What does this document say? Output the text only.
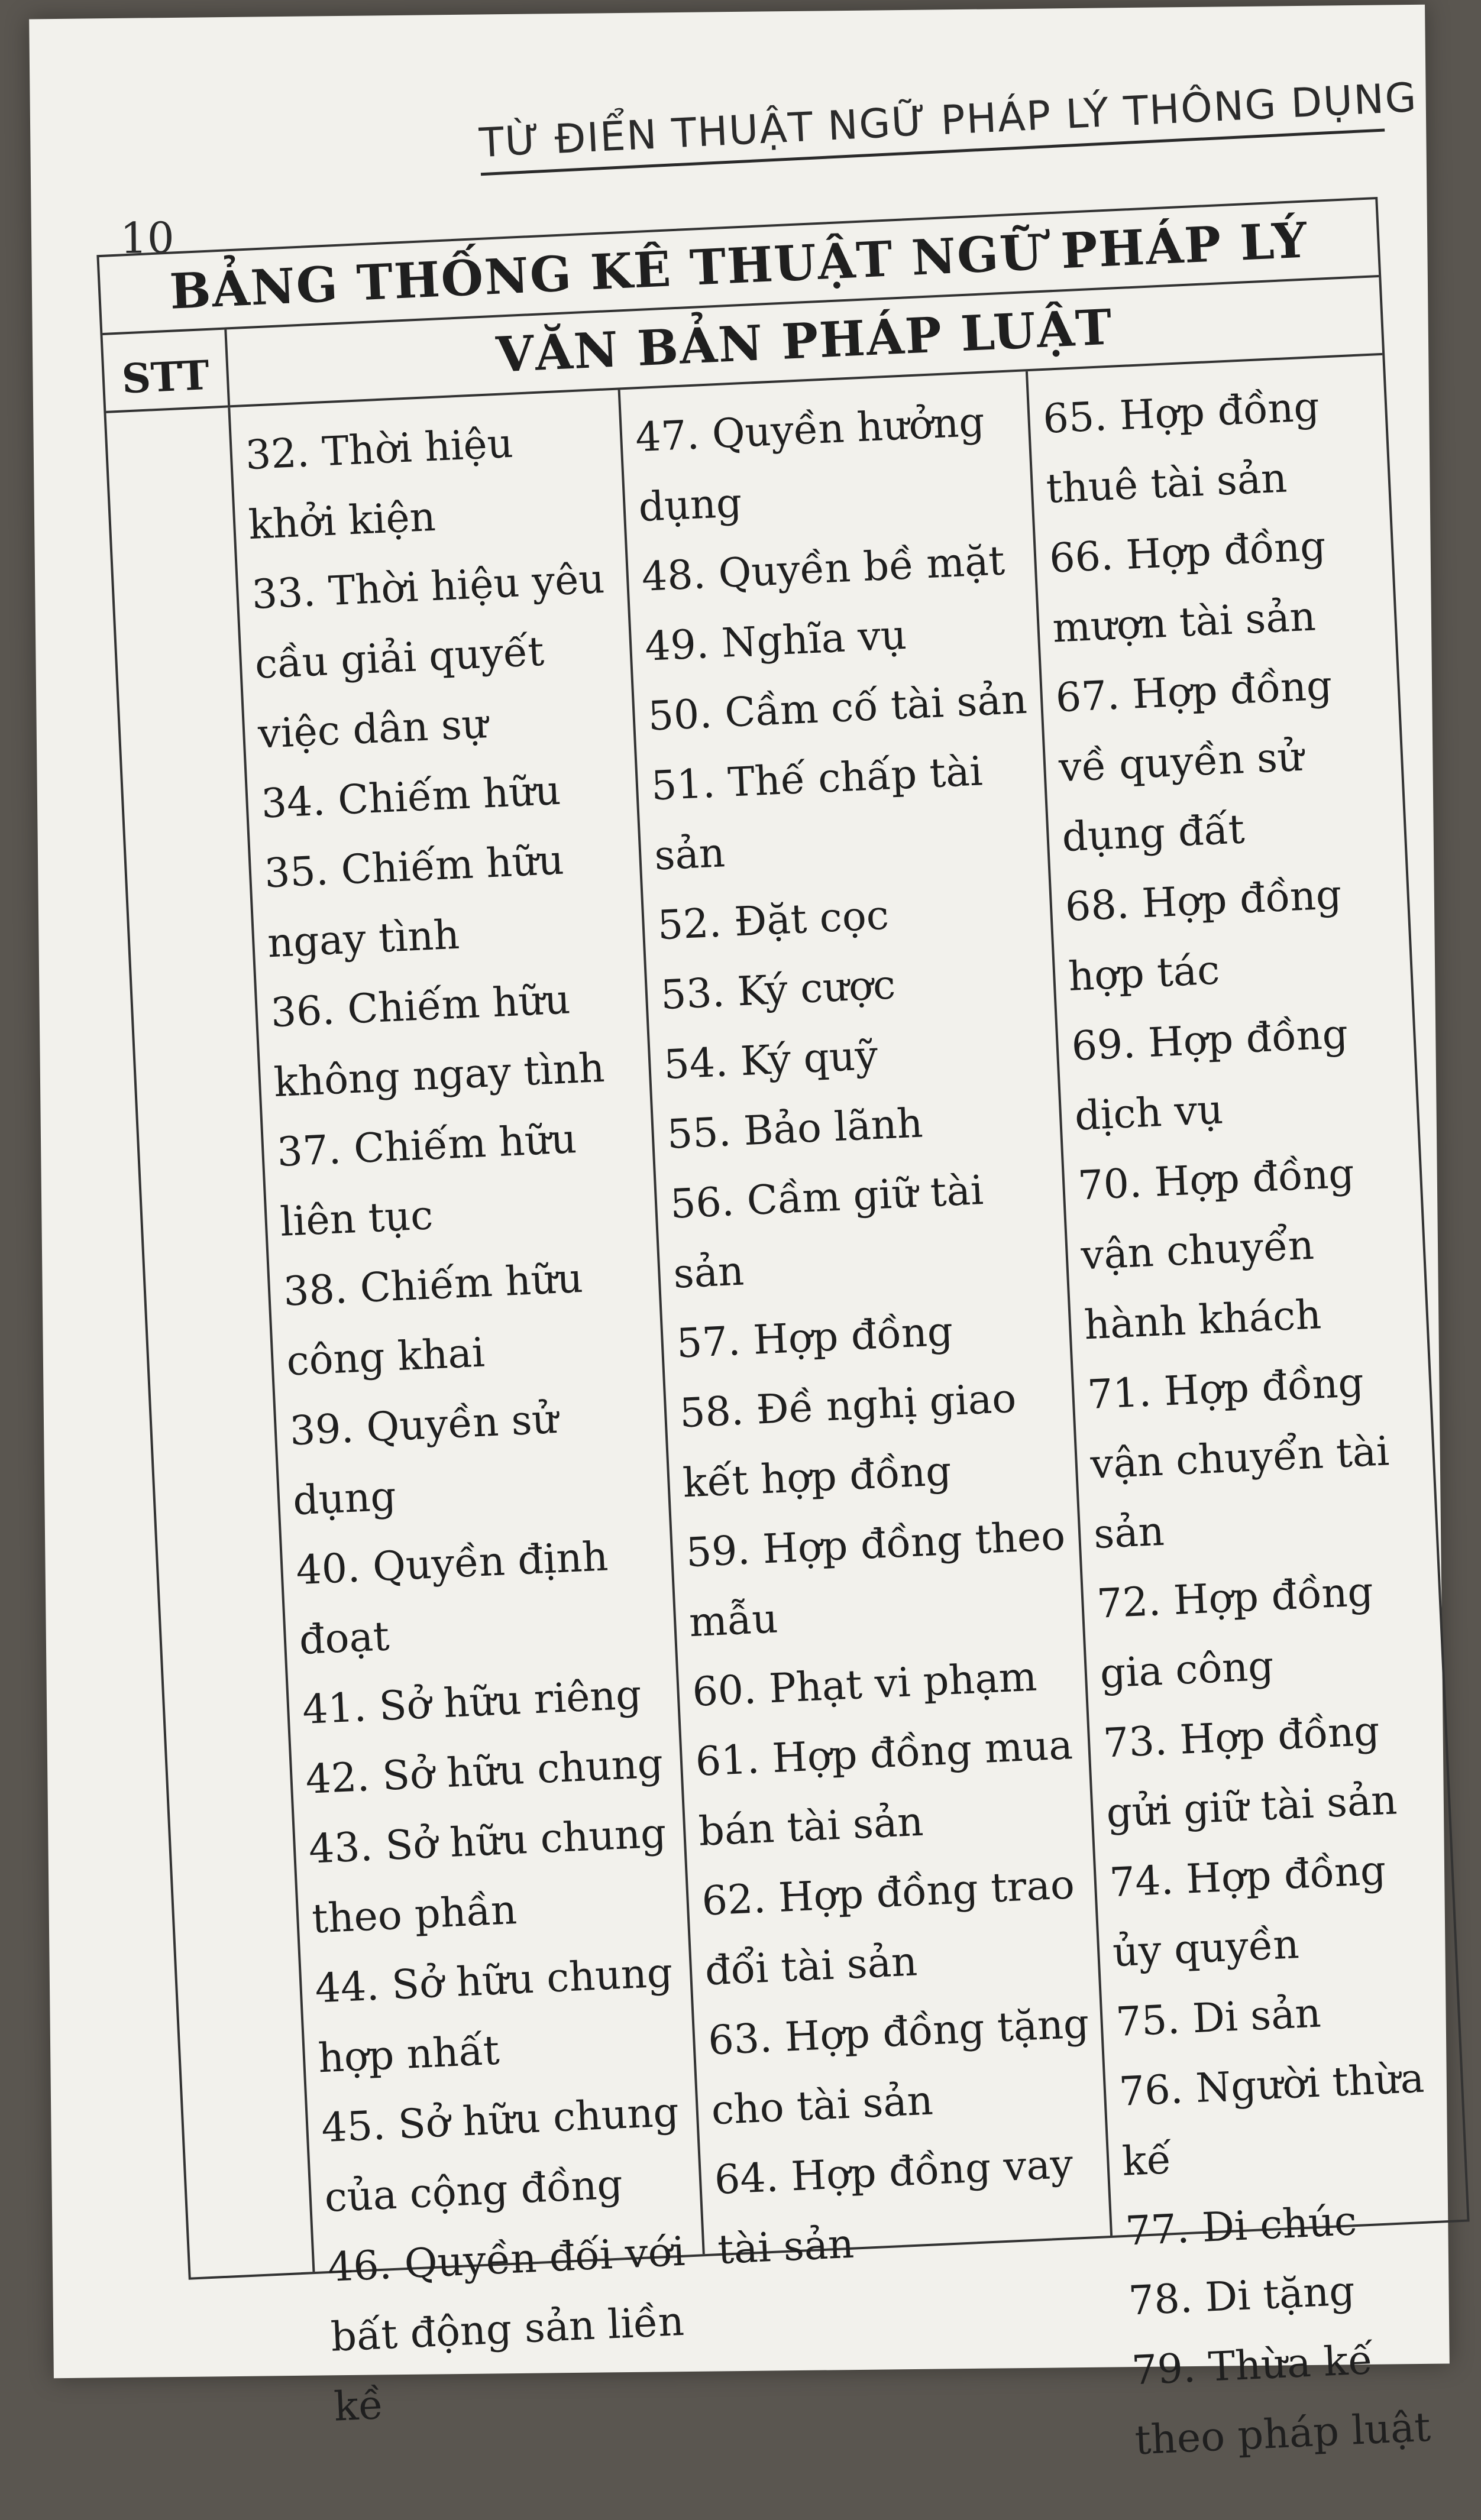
TỪ ĐIỂN THUẬT NGỮ PHÁP LÝ THÔNG DỤNG
10
BẢNG THỐNG KÊ THUẬT NGỮ PHÁP LÝ
STT	VĂN BẢN PHÁP LUẬT
32 . Thời hiệu khởi kiện
33 . Thời hiệu yêu cầu giải quyết việc dân sự
34 . Chiếm hữu
35 . Chiếm hữu ngay tình
36 . Chiếm hữu không ngay tình
37 . Chiếm hữu liên tục
38 . Chiếm hữu công khai
39 . Quyền sử dụng
40 . Quyền định đoạt
41 . Sở hữu riêng
42 . Sở hữu chung
43 . Sở hữu chung theo phần
44 . Sở hữu chung hợp nhất
45 . Sở hữu chung của cộng đồng
46 . Quyền đối với bất động sản liền kề
47 . Quyền hưởng dụng
48 . Quyền bề mặt
49 . Nghĩa vụ
50 . Cầm cố tài sản
51 . Thế chấp tài sản
52 . Đặt cọc
53 . Ký cược
54 . Ký quỹ
55 . Bảo lãnh
56 . Cầm giữ tài sản
57 . Hợp đồng
58 . Đề nghị giao kết hợp đồng
59 . Hợp đồng theo mẫu
60 . Phạt vi phạm
61 . Hợp đồng mua bán tài sản
62 . Hợp đồng trao đổi tài sản
63 . Hợp đồng tặng cho tài sản
64 . Hợp đồng vay tài sản
65 . Hợp đồng thuê tài sản
66 . Hợp đồng mượn tài sản
67 . Hợp đồng về quyền sử dụng đất
68 . Hợp đồng hợp tác
69 . Hợp đồng dịch vụ
70 . Hợp đồng vận chuyển hành khách
71 . Hợp đồng vận chuyển tài sản
72 . Hợp đồng gia công
73 . Hợp đồng gửi giữ tài sản
74 . Hợp đồng ủy quyền
75 . Di sản
76 . Người thừa kế
77 . Di chúc
78 . Di tặng
79 . Thừa kế theo pháp luật
